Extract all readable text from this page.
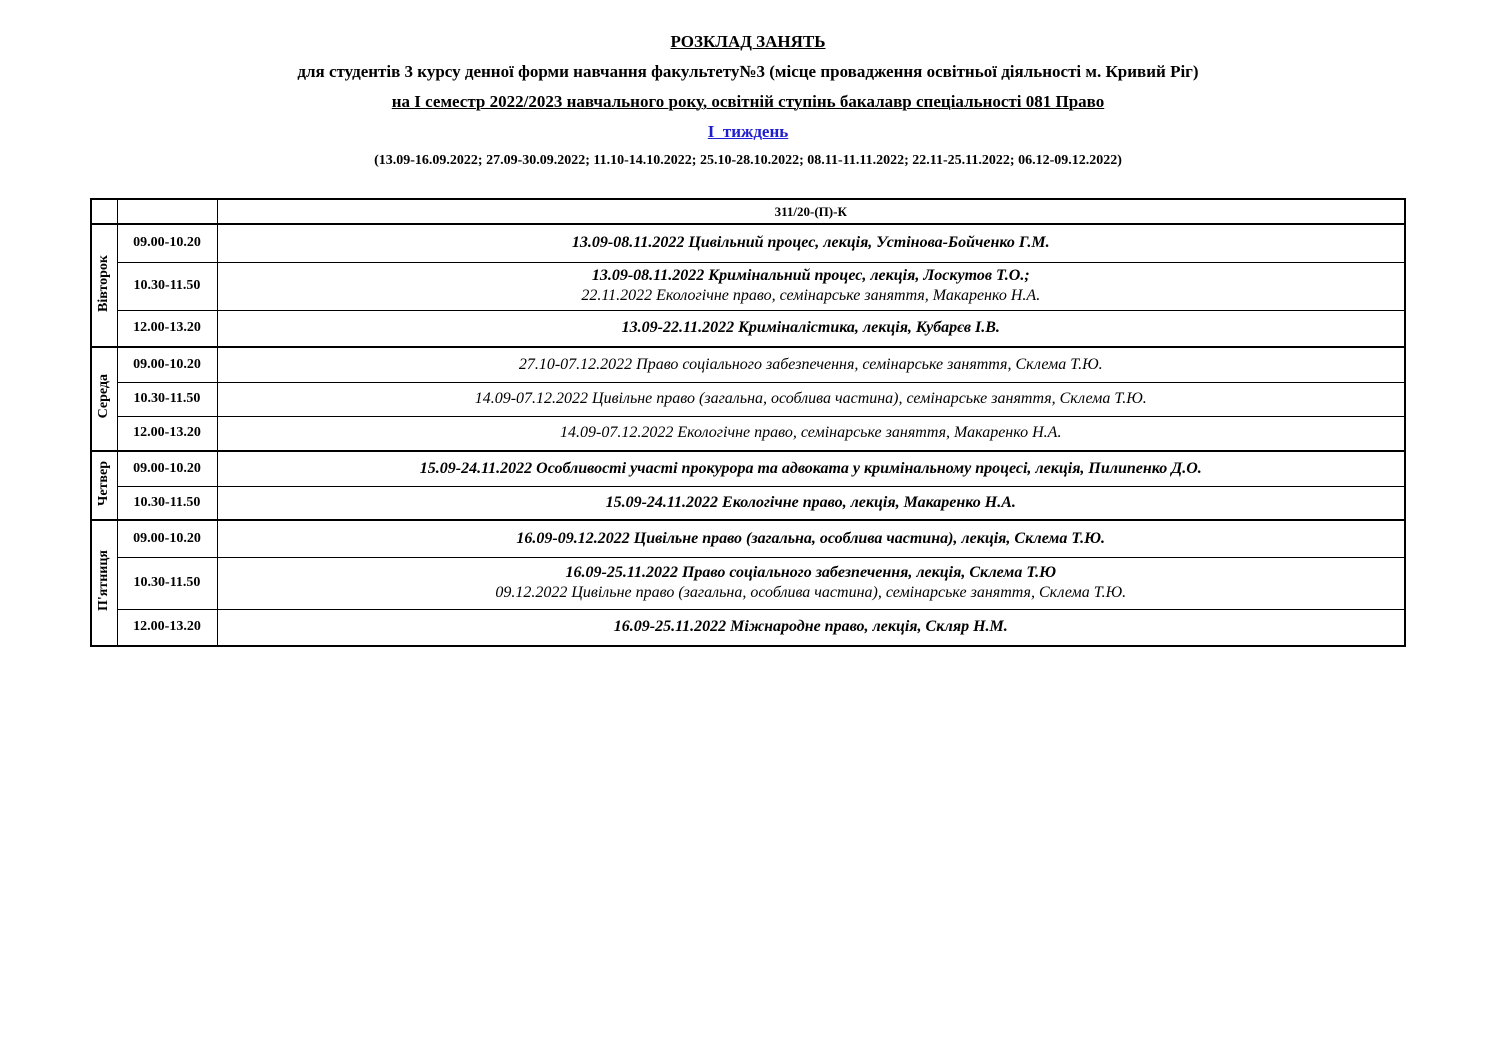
РОЗКЛАД ЗАНЯТЬ
для студентів 3 курсу денної форми навчання факультету№3 (місце провадження освітньої діяльності м. Кривий Ріг)
на І семестр 2022/2023 навчального року, освітній ступінь бакалавр спеціальності 081 Право
І  тиждень
(13.09-16.09.2022; 27.09-30.09.2022; 11.10-14.10.2022; 25.10-28.10.2022; 08.11-11.11.2022; 22.11-25.11.2022; 06.12-09.12.2022)
		311/20-(П)-К
Вівторок	09.00-10.20	13.09-08.11.2022 Цивільний процес, лекція, Устінова-Бойченко Г.М.

	10.30-11.50	13.09-08.11.2022 Кримінальний процес, лекція, Лоскутов Т.О.;
22.11.2022 Екологічне право, семінарське заняття, Макаренко Н.А.

	12.00-13.20	13.09-22.11.2022 Криміналістика, лекція, Кубарєв І.В.

Середа	09.00-10.20	27.10-07.12.2022 Право соціального забезпечення, семінарське заняття, Склема Т.Ю.

	10.30-11.50	14.09-07.12.2022 Цивільне право (загальна, особлива частина), семінарське заняття, Склема Т.Ю.

	12.00-13.20	14.09-07.12.2022 Екологічне право, семінарське заняття, Макаренко Н.А.

Четвер	09.00-10.20	15.09-24.11.2022 Особливості участі прокурора та адвоката у кримінальному процесі, лекція, Пилипенко Д.О.

	10.30-11.50	15.09-24.11.2022 Екологічне право, лекція, Макаренко Н.А.

П'ятниця	09.00-10.20	16.09-09.12.2022 Цивільне право (загальна, особлива частина), лекція, Склема Т.Ю.

	10.30-11.50	16.09-25.11.2022 Право соціального забезпечення, лекція, Склема Т.Ю
09.12.2022 Цивільне право (загальна, особлива частина), семінарське заняття, Склема Т.Ю.

	12.00-13.20	16.09-25.11.2022 Міжнародне право, лекція, Скляр Н.М.
